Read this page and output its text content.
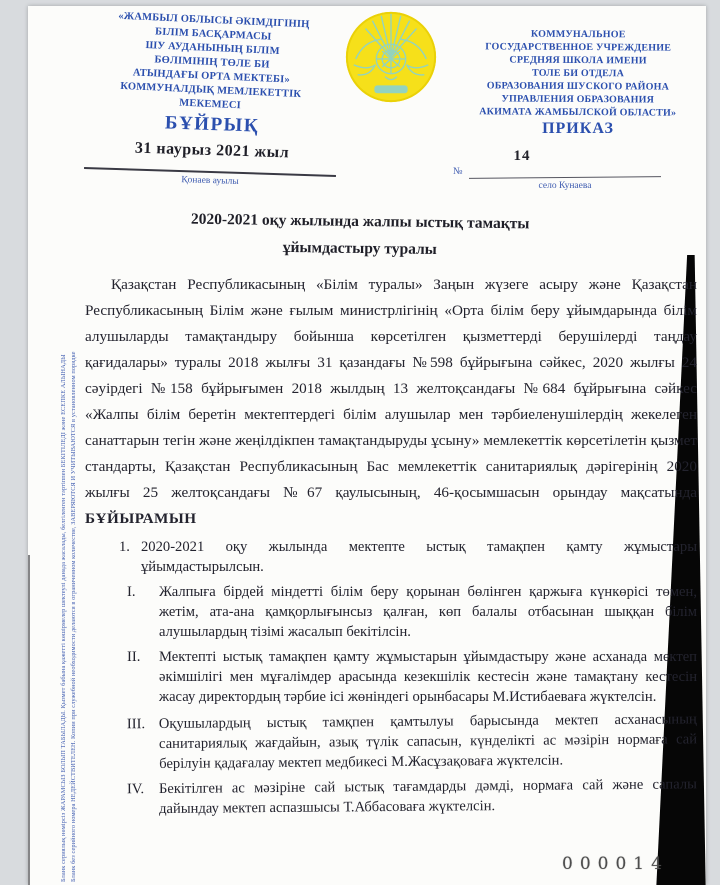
«ЖАМБЫЛ ОБЛЫСЫ ӘКІМДІГІНІҢ
БІЛІМ БАСҚАРМАСЫ
ШУ АУДАНЫНЫҢ БІЛІМ
БӨЛІМІНІҢ ТӨЛЕ БИ
АТЫНДАҒЫ ОРТА МЕКТЕБІ»
КОММУНАЛДЫҚ МЕМЛЕКЕТТІК
МЕКЕМЕСІ
КОММУНАЛЬНОЕ
ГОСУДАРСТВЕННОЕ УЧРЕЖДЕНИЕ
СРЕДНЯЯ ШКОЛА ИМЕНИ
ТОЛЕ БИ ОТДЕЛА
ОБРАЗОВАНИЯ ШУСКОГО РАЙОНА
УПРАВЛЕНИЯ ОБРАЗОВАНИЯ
АКИМАТА ЖАМБЫЛСКОЙ ОБЛАСТИ»
БҰЙРЫҚ
31 наурыз 2021 жыл
Қонаев ауылы
ПРИКАЗ
14
№
село Кунаева
2020-2021 оқу жылында жалпы ыстық тамақты
ұйымдастыру туралы

Қазақстан Республикасының «Білім туралы» Заңын жүзеге асыру және Қазақстан Республикасының Білім және ғылым министрлігінің «Орта білім беру ұйымдарында білім алушыларды тамақтандыру бойынша көрсетілген қызметтерді берушілерді таңдау қағидалары» туралы 2018 жылғы 31 қазандағы №598 бұйрығына сәйкес, 2020 жылғы 24 сәуірдегі №158 бұйрығымен 2018 жылдың 13 желтоқсандағы №684 бұйрығына сәйкес «Жалпы білім беретін мектептердегі білім алушылар мен тәрбиеленушілердің жекелеген санаттарын тегін және жеңілдікпен тамақтандыруды ұсыну» мемлекеттік көрсетілетін қызмет стандарты, Қазақстан Республикасының Бас мемлекеттік санитариялық дәрігерінің 2020 жылғы 25 желтоқсандағы №67 қаулысының, 46-қосымшасын орындау мақсатында БҰЙЫРАМЫН

1. 2020-2021 оқу жылында мектепте ыстық тамақпен қамту жұмыстары ұйымдастырылсын.
I.	Жалпыға бірдей міндетті білім беру қорынан бөлінген қаржыға күнкөрісі төмен, жетім, ата-ана қамқорлығынсыз қалған, көп балалы отбасынан шыққан білім алушылардың тізімі жасалып бекітілсін.
II.	Мектепті ыстық тамақпен қамту жұмыстарын ұйымдастыру және асханада мектеп әкімшілігі мен мұғалімдер арасында кезекшілік кестесін және тамақтану кестесін жасау директордың тәрбие ісі жөніндегі орынбасары М.Истибаеваға жүктелсін.
III. Оқушылардың ыстық тамқпен қамтылуы барысында мектеп асханасының санитариялық жағдайын, азық түлік сапасын, күнделікті ас мәзірін нормаға сай берілуін қадағалау мектеп медбикесі М.Жасұзақоваға жүктелсін.
IV.	Бекітілген ас мәзіріне сай ыстық тағамдарды дәмді, нормаға сай және сапалы дайындау мектеп аспазшысы Т.Аббасоваға жүктелсін.
Бланк сериялық нөмірсіз ЖАРАМСЫЗ БОЛЫП ТАБЫЛАДЫ. Қызмет бабына қажетті көшірмелер шектеулі данада жасалады, белгіленген тәртіппен БЕКІТІЛЕДІ және ЕСЕПКЕ АЛЫНАДЫ Бланк без серийного номера НЕДЕЙСТВИТЕЛЕН. Копии при служебной необходимости делаются в ограниченном количестве, ЗАВЕРЯЮТСЯ И УЧИТЫВАЮТСЯ в установленном порядке	000014
